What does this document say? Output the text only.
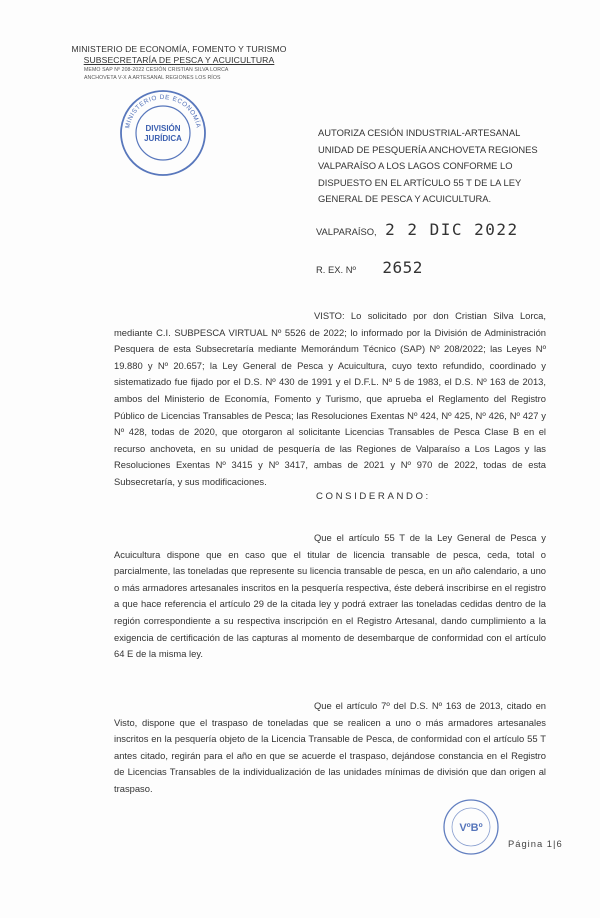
MINISTERIO DE ECONOMÍA, FOMENTO Y TURISMO
SUBSECRETARÍA DE PESCA Y ACUICULTURA
MEMO SAP Nº 208-2022 CESIÓN CRISTIAN SILVA LORCA
ANCHOVETA V-X A ARTESANAL REGIONES LOS RÍOS
MINISTERIO DE ECONOMÍA
DIVISIÓN
JURÍDICA
AUTORIZA CESIÓN INDUSTRIAL-ARTESANAL UNIDAD DE PESQUERÍA ANCHOVETA REGIONES VALPARAÍSO A LOS LAGOS CONFORME LO DISPUESTO EN EL ARTÍCULO 55 T DE LA LEY GENERAL DE PESCA Y ACUICULTURA.
VALPARAÍSO, 2 2 DIC 2022
R. EX. Nº 2652
VISTO: Lo solicitado por don Cristian Silva Lorca, mediante C.I. SUBPESCA VIRTUAL Nº 5526 de 2022; lo informado por la División de Administración Pesquera de esta Subsecretaría mediante Memorándum Técnico (SAP) Nº 208/2022; las Leyes Nº 19.880 y Nº 20.657; la Ley General de Pesca y Acuicultura, cuyo texto refundido, coordinado y sistematizado fue fijado por el D.S. Nº 430 de 1991 y el D.F.L. Nº 5 de 1983, el D.S. Nº 163 de 2013, ambos del Ministerio de Economía, Fomento y Turismo, que aprueba el Reglamento del Registro Público de Licencias Transables de Pesca; las Resoluciones Exentas Nº 424, Nº 425, Nº 426, Nº 427 y Nº 428, todas de 2020, que otorgaron al solicitante Licencias Transables de Pesca Clase B en el recurso anchoveta, en su unidad de pesquería de las Regiones de Valparaíso a Los Lagos y las Resoluciones Exentas Nº 3415 y Nº 3417, ambas de 2021 y Nº 970 de 2022, todas de esta Subsecretaría, y sus modificaciones.
CONSIDERANDO:
Que el artículo 55 T de la Ley General de Pesca y Acuicultura dispone que en caso que el titular de licencia transable de pesca, ceda, total o parcialmente, las toneladas que represente su licencia transable de pesca, en un año calendario, a uno o más armadores artesanales inscritos en la pesquería respectiva, éste deberá inscribirse en el registro a que hace referencia el artículo 29 de la citada ley y podrá extraer las toneladas cedidas dentro de la región correspondiente a su respectiva inscripción en el Registro Artesanal, dando cumplimiento a la exigencia de certificación de las capturas al momento de desembarque de conformidad con el artículo 64 E de la misma ley.
Que el artículo 7º del D.S. Nº 163 de 2013, citado en Visto, dispone que el traspaso de toneladas que se realicen a uno o más armadores artesanales inscritos en la pesquería objeto de la Licencia Transable de Pesca, de conformidad con el artículo 55 T antes citado, regirán para el año en que se acuerde el traspaso, dejándose constancia en el Registro de Licencias Transables de la individualización de las unidades mínimas de división que dan origen al traspaso.
VºBº
Página 1|6
